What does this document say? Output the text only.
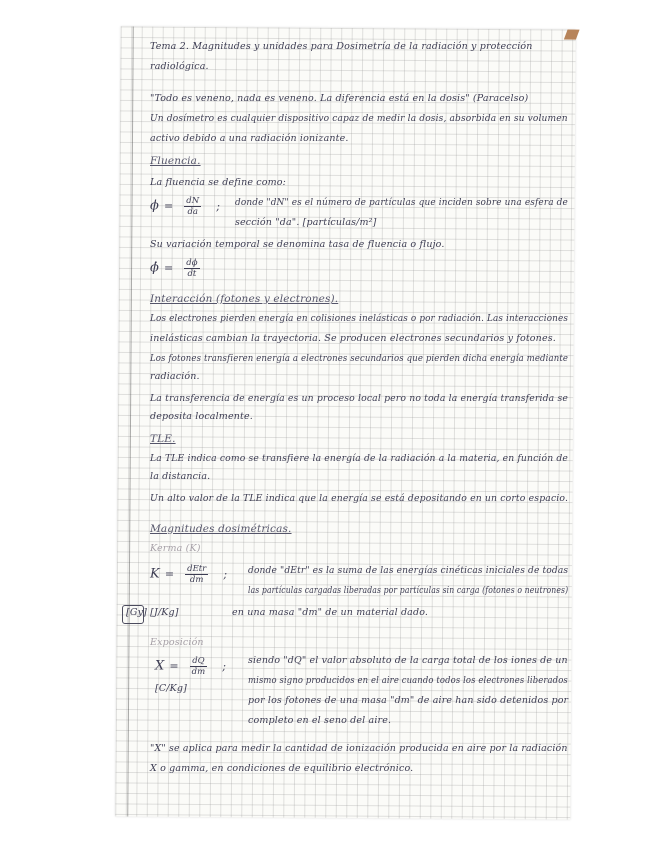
Tema 2. Magnitudes y unidades para Dosimetría de la radiación y protección
radiológica.
"Todo es veneno, nada es veneno. La diferencia está en la dosis" (Paracelso)
Un dosímetro es cualquier dispositivo capaz de medir la dosis, absorbida en su volumen
activo debido a una radiación ionizante.
Fluencia.
La fluencia se define como:
$\phi = \frac{dN}{da}$ ; donde "dN" es el número de partículas que inciden sobre una esfera de
sección "da". [partículas/m²]
Su variación temporal se denomina tasa de fluencia o flujo.
ϕ̇ = $\frac{d\phi}{dt}$
Interacción (fotones y electrones).
Los electrones pierden energía en colisiones inelásticas o por radiación. Las interacciones
inelásticas cambian la trayectoria. Se producen electrones secundarios y fotones.
Los fotones transfieren energía a electrones secundarios que pierden dicha energía mediante
radiación.
La transferencia de energía es un proceso local pero no toda la energía transferida se
deposita localmente.
TLE.
La TLE indica como se transfiere la energía de la radiación a la materia, en función de
la distancia.
Un alto valor de la TLE indica que la energía se está depositando en un corto espacio.
Magnitudes dosimétricas.
Kerma (K)
$K = \frac{\text{dEtr}}{dm}$ ; donde "dEtr" es la suma de las energías cinéticas iniciales de todas
las partículas cargadas liberadas por partículas sin carga (fotones o neutrones)
[Gy] [J/Kg]	en una masa "dm" de un material dado.
Exposición
$X = \frac{dQ}{dm}$ ; siendo "dQ" el valor absoluto de la carga total de los iones de un
mismo signo producidos en el aire cuando todos los electrones liberados
[C/Kg]
por los fotones de una masa "dm" de aire han sido detenidos por
completo en el seno del aire.
"X" se aplica para medir la cantidad de ionización producida en aire por la radiación
X o gamma, en condiciones de equilibrio electrónico.
